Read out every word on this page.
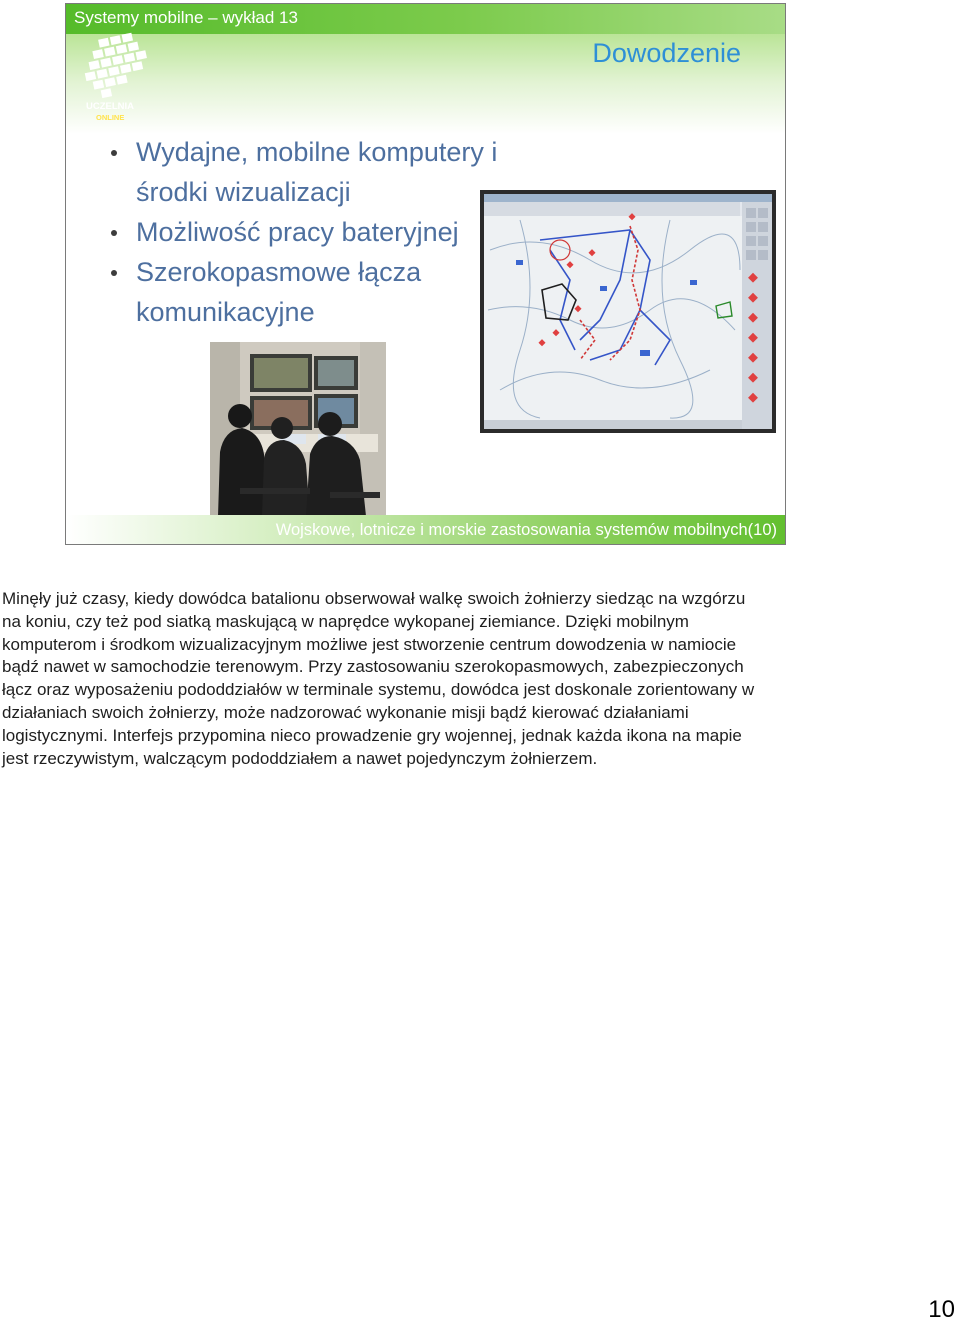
Systemy mobilne – wykład 13
UCZELNIA
ONLINE
Dowodzenie
Wydajne, mobilne komputery i środki wizualizacji
Możliwość pracy bateryjnej
Szerokopasmowe łącza komunikacyjne
Wojskowe, lotnicze i morskie zastosowania systemów mobilnych(10)
Minęły już czasy, kiedy dowódca batalionu obserwował walkę swoich żołnierzy siedząc na wzgórzu
na koniu, czy też pod siatką maskującą w naprędce wykopanej ziemiance. Dzięki mobilnym
komputerom i środkom wizualizacyjnym możliwe jest stworzenie centrum dowodzenia w namiocie
bądź nawet w samochodzie terenowym. Przy zastosowaniu szerokopasmowych, zabezpieczonych
łącz oraz wyposażeniu pododdziałów w terminale systemu, dowódca jest doskonale zorientowany w
działaniach swoich żołnierzy, może nadzorować wykonanie misji bądź kierować działaniami
logistycznymi. Interfejs przypomina nieco prowadzenie gry wojennej, jednak każda ikona na mapie
jest rzeczywistym, walczącym pododdziałem a nawet pojedynczym żołnierzem.
10
